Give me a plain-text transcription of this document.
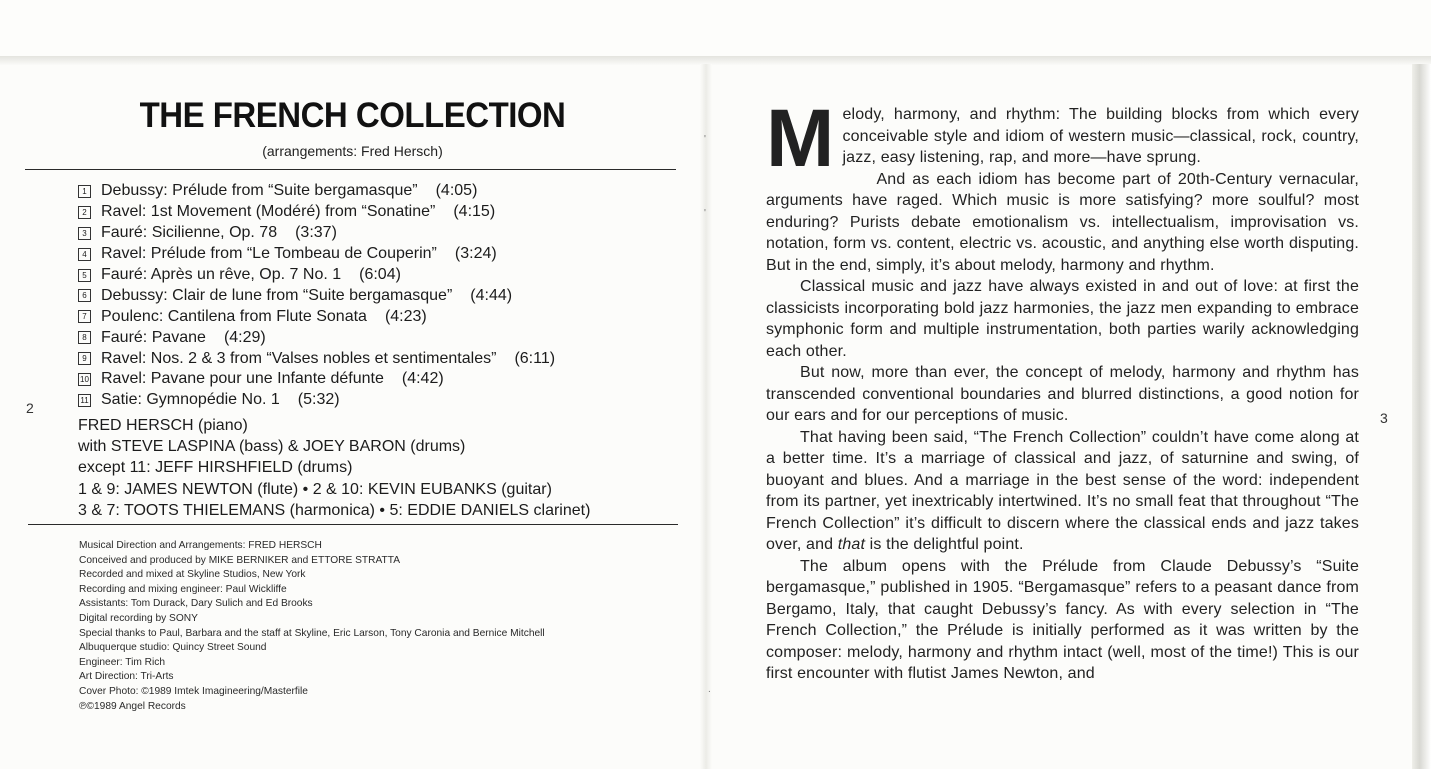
'
'
.
THE FRENCH COLLECTION
(arrangements: Fred Hersch)
1 Debussy: Prélude from “Suite bergamasque” (4:05)
2 Ravel: 1st Movement (Modéré) from “Sonatine” (4:15)
3 Fauré: Sicilienne, Op. 78 (3:37)
4 Ravel: Prélude from “Le Tombeau de Couperin” (3:24)
5 Fauré: Après un rêve, Op. 7 No. 1 (6:04)
6 Debussy: Clair de lune from “Suite bergamasque” (4:44)
7 Poulenc: Cantilena from Flute Sonata (4:23)
8 Fauré: Pavane (4:29)
9 Ravel: Nos. 2 & 3 from “Valses nobles et sentimentales” (6:11)
10 Ravel: Pavane pour une Infante défunte (4:42)
11 Satie: Gymnopédie No. 1 (5:32)
FRED HERSCH (piano)
with STEVE LASPINA (bass) & JOEY BARON (drums)
except 11: JEFF HIRSHFIELD (drums)
1 & 9: JAMES NEWTON (flute) • 2 & 10: KEVIN EUBANKS (guitar)
3 & 7: TOOTS THIELEMANS (harmonica) • 5: EDDIE DANIELS clarinet)
Musical Direction and Arrangements: FRED HERSCH
Conceived and produced by MIKE BERNIKER and ETTORE STRATTA
Recorded and mixed at Skyline Studios, New York
Recording and mixing engineer: Paul Wickliffe
Assistants: Tom Durack, Dary Sulich and Ed Brooks
Digital recording by SONY
Special thanks to Paul, Barbara and the staff at Skyline, Eric Larson, Tony Caronia and Bernice Mitchell
Albuquerque studio: Quincy Street Sound
Engineer: Tim Rich
Art Direction: Tri-Arts
Cover Photo: ©1989 Imtek Imagineering/Masterfile
℗©1989 Angel Records
2
3

Melody, harmony, and rhythm: The building blocks from which every conceivable style and idiom of western music—classical, rock, country, jazz, easy listening, rap, and more—have sprung.

And as each idiom has become part of 20th-Century vernacular, arguments have raged. Which music is more satisfying? more soulful? most enduring? Purists debate emotionalism vs. intellectualism, improvisation vs. notation, form vs. content, electric vs. acoustic, and anything else worth disputing. But in the end, simply, it’s about melody, harmony and rhythm.

Classical music and jazz have always existed in and out of love: at first the classicists incorporating bold jazz harmonies, the jazz men expanding to embrace symphonic form and multiple instrumentation, both parties warily acknowledging each other.

But now, more than ever, the concept of melody, harmony and rhythm has transcended conventional boundaries and blurred distinctions, a good notion for our ears and for our perceptions of music.

That having been said, “The French Collection” couldn’t have come along at a better time. It’s a marriage of classical and jazz, of saturnine and swing, of buoyant and blues. And a marriage in the best sense of the word: independent from its partner, yet inextricably intertwined. It’s no small feat that throughout “The French Collection” it’s difficult to discern where the classical ends and jazz takes over, and that is the delightful point.

The album opens with the Prélude from Claude Debussy’s “Suite bergamasque,” published in 1905. “Bergamasque” refers to a peasant dance from Bergamo, Italy, that caught Debussy’s fancy. As with every selection in “The French Collection,” the Prélude is initially performed as it was written by the composer: melody, harmony and rhythm intact (well, most of the time!) This is our first encounter with flutist James Newton, and
